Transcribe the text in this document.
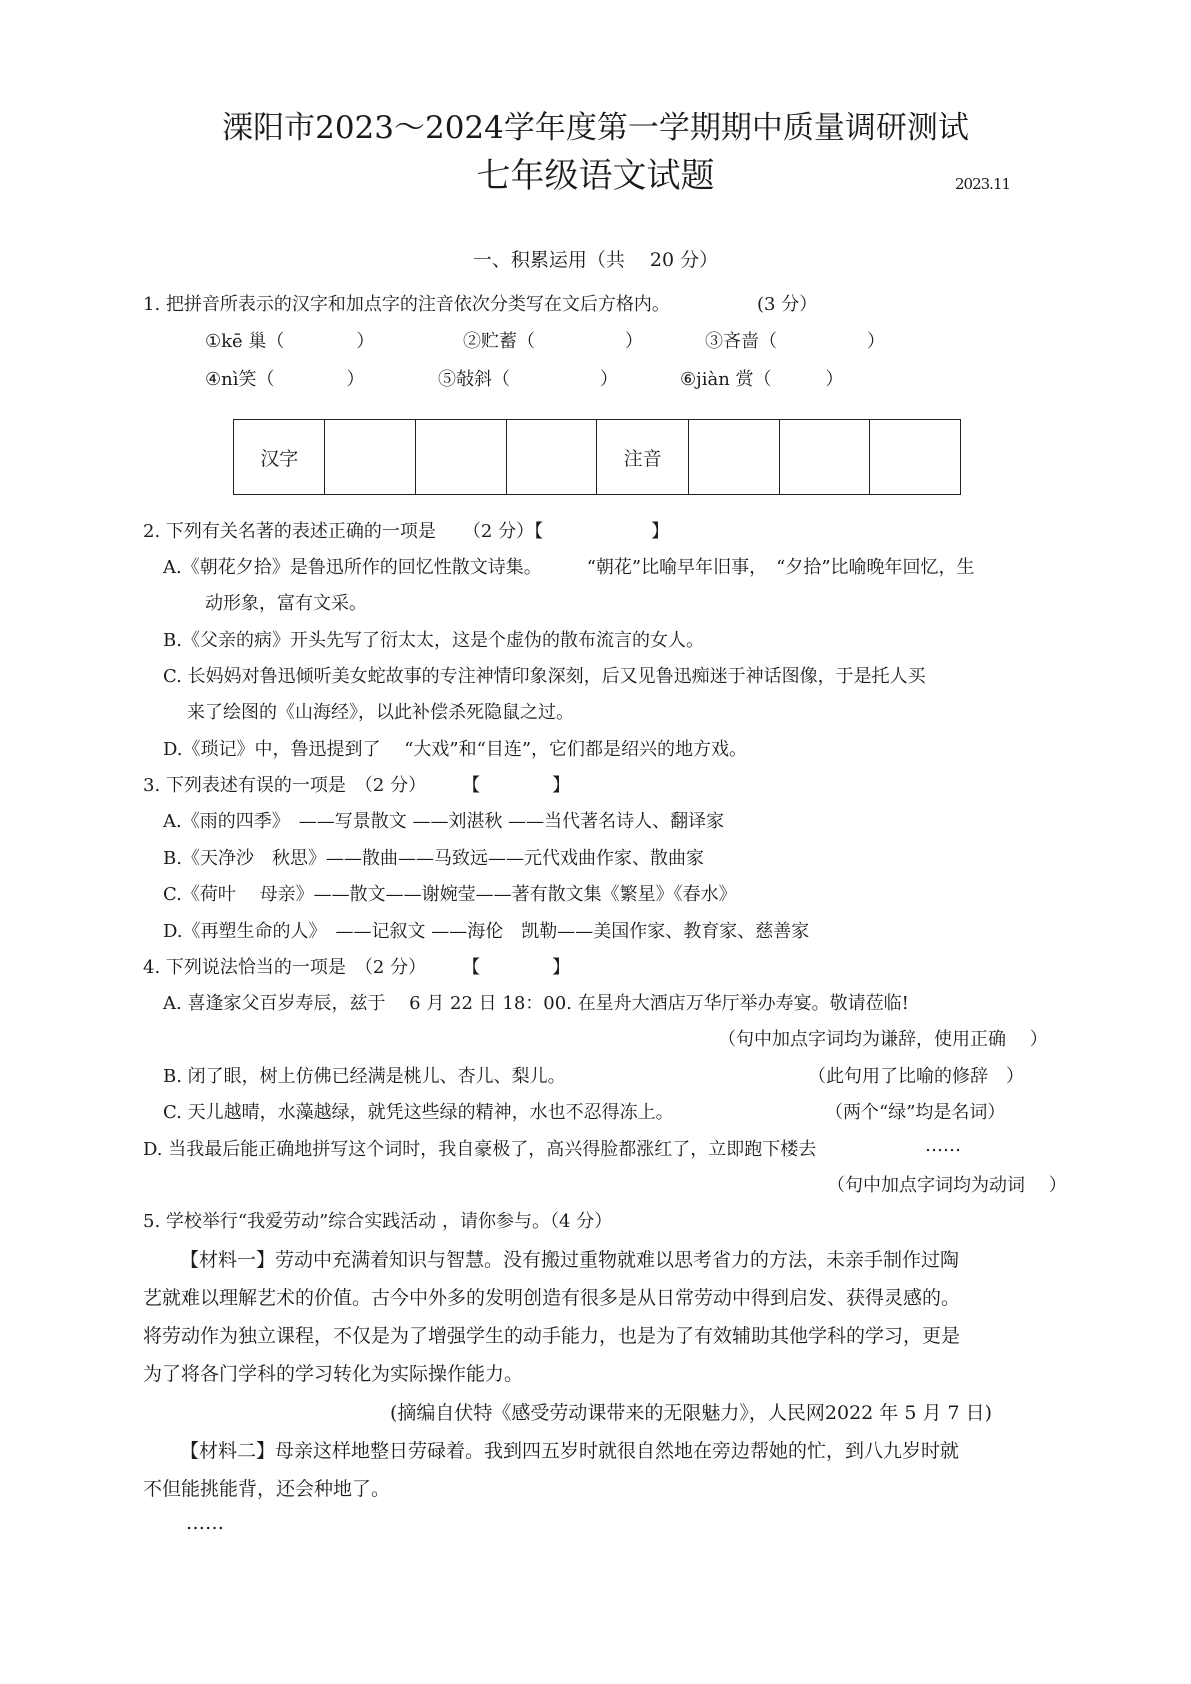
溧阳市2023～2024学年度第一学期期中质量调研测试
七年级语文试题	2023.11
一、积累运用（共　 20 分）
1. 把拼音所表示的汉字和加点字的注音依次分类写在文后方格内。	(3 分）
①kē 巢（　　　　）	②贮蓄（　　　　　）	③吝啬（　　　　　）
④nì笑（　　　　）	⑤敧斜（　　　　　）	⑥jiàn 赏（　　　）
汉字				注音			
2. 下列有关名著的表述正确的一项是　　（2 分）【　　　　　　】
A.《朝花夕拾》是鲁迅所作的回忆性散文诗集。　　　“朝花”比喻早年旧事，　“夕拾”比喻晚年回忆，生
动形象，富有文采。
B.《父亲的病》开头先写了衍太太，这是个虚伪的散布流言的女人。
C. 长妈妈对鲁迅倾听美女蛇故事的专注神情印象深刻，后又见鲁迅痴迷于神话图像，于是托人买
来了绘图的《山海经》，以此补偿杀死隐鼠之过。
D.《琐记》中，鲁迅提到了　 “大戏”和“目连”，它们都是绍兴的地方戏。
3. 下列表述有误的一项是　（2 分）　　　【　　　　】
A.《雨的四季》　——写景散文 ——刘湛秋 ——当代著名诗人、翻译家
B.《天净沙　秋思》——散曲——马致远——元代戏曲作家、散曲家
C.《荷叶　 母亲》——散文——谢婉莹——著有散文集《繁星》《春水》
D.《再塑生命的人》　——记叙文 ——海伦　凯勒——美国作家、教育家、慈善家
4. 下列说法恰当的一项是　（2 分）　　　【　　　　】
A. 喜逢家父百岁寿辰，兹于　 6 月 22 日 18：00. 在星舟大酒店万华厅举办寿宴。敬请莅临!
（句中加点字词均为谦辞，使用正确　 ）
B. 闭了眼，树上仿佛已经满是桃儿、杏儿、梨儿。	（此句用了比喻的修辞　）
C. 天儿越晴，水藻越绿，就凭这些绿的精神，水也不忍得冻上。	（两个“绿”均是名词）
D. 当我最后能正确地拼写这个词时，我自豪极了，高兴得脸都涨红了，立即跑下楼去	……
（句中加点字词均为动词　 ）
5. 学校举行“我爱劳动”综合实践活动 ，请你参与。（4 分）
【材料一】劳动中充满着知识与智慧。没有搬过重物就难以思考省力的方法，未亲手制作过陶
艺就难以理解艺术的价值。古今中外多的发明创造有很多是从日常劳动中得到启发、获得灵感的。
将劳动作为独立课程，不仅是为了增强学生的动手能力，也是为了有效辅助其他学科的学习，更是
为了将各门学科的学习转化为实际操作能力。
(摘编自伏特《感受劳动课带来的无限魅力》，人民网2022 年 5 月 7 日)
【材料二】母亲这样地整日劳碌着。我到四五岁时就很自然地在旁边帮她的忙，到八九岁时就
不但能挑能背，还会种地了。
……
